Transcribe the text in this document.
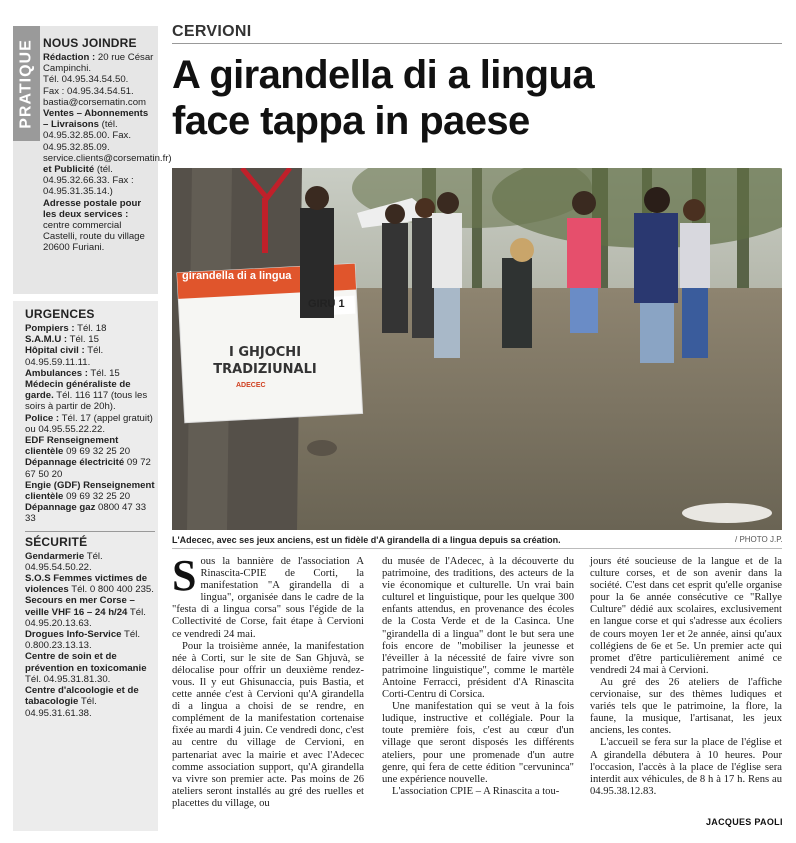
NOUS JOINDRE
Rédaction : 20 rue César Campinchi.
Tél. 04.95.34.54.50.
Fax : 04.95.34.54.51.
bastia@corsematin.com
Ventes – Abonnements – Livraisons (tél. 04.95.32.85.00. Fax. 04.95.32.85.09. service.clients@corsematin.fr)
et Publicité (tél. 04.95.32.66.33. Fax : 04.95.31.35.14.)
Adresse postale pour les deux services : centre commercial Castelli, route du village 20600 Furiani.
PRATIQUE
URGENCES
Pompiers : Tél. 18
S.A.M.U : Tél. 15
Hôpital civil : Tél. 04.95.59.11.11.
Ambulances : Tél. 15
Médecin généraliste de garde. Tél. 116 117 (tous les soirs à partir de 20h).
Police : Tél. 17 (appel gratuit) ou 04.95.55.22.22.
EDF Renseignement clientèle 09 69 32 25 20
Dépannage électricité 09 72 67 50 20
Engie (GDF) Renseignement clientèle 09 69 32 25 20
Dépannage gaz 0800 47 33 33
SÉCURITÉ
Gendarmerie Tél. 04.95.54.50.22.
S.O.S Femmes victimes de violences Tél. 0 800 400 235.
Secours en mer Corse – veille VHF 16 – 24 h/24 Tél. 04.95.20.13.63.
Drogues Info-Service Tél. 0.800.23.13.13.
Centre de soin et de prévention en toxicomanie Tél. 04.95.31.81.30.
Centre d'alcoologie et de tabacologie Tél. 04.95.31.61.38.
CERVIONI
A girandella di a lingua
face tappa in paese
girandella di a lingua
GIRU 1
I GHJOCHI
TRADIZIUNALI
ADECEC
L'Adecec, avec ses jeux anciens, est un fidèle d'A girandella di a lingua depuis sa création.	/ PHOTO J.P.
S ous la bannière de l'association A Rinascita-CPIE de Corti, la manifestation "A girandella di a lingua", organisée dans le cadre de la "festa di a lingua corsa" sous l'égide de la Collectivité de Corse, fait étape à Cervioni ce vendredi 24 mai.

Pour la troisième année, la manifestation née à Corti, sur le site de San Ghjuvà, se délocalise pour offrir un deuxième rendez-vous. Il y eut Ghisunaccia, puis Bastia, et cette année c'est à Cervioni qu'A girandella di a lingua a choisi de se rendre, en complément de la manifestation cortenaise fixée au mardi 4 juin. Ce vendredi donc, c'est au centre du village de Cervioni, en partenariat avec la mairie et avec l'Adecec comme association support, qu'A girandella va vivre son premier acte. Pas moins de 26 ateliers seront installés au gré des ruelles et placettes du village, ou

du musée de l'Adecec, à la découverte du patrimoine, des traditions, des acteurs de la vie économique et culturelle. Un vrai bain culturel et linguistique, pour les quelque 300 enfants attendus, en provenance des écoles de la Costa Verde et de la Casinca. Une "girandella di a lingua" dont le but sera une fois encore de "mobiliser la jeunesse et l'éveiller à la nécessité de faire vivre son patrimoine linguistique", comme le martèle Antoine Ferracci, président d'A Rinascita Corti-Centru di Corsica.

Une manifestation qui se veut à la fois ludique, instructive et collégiale. Pour la toute première fois, c'est au cœur d'un village que seront disposés les différents ateliers, pour une promenade d'un autre genre, qui fera de cette édition "cervuninca" une expérience nouvelle.

L'association CPIE – A Rinascita a tou-

jours été soucieuse de la langue et de la culture corses, et de son avenir dans la société. C'est dans cet esprit qu'elle organise pour la 6e année consécutive ce "Rallye Culture" dédié aux scolaires, exclusivement en langue corse et qui s'adresse aux écoliers de cours moyen 1er et 2e année, ainsi qu'aux collégiens de 6e et 5e. Un premier acte qui promet d'être particulièrement animé ce vendredi 24 mai à Cervioni.

Au gré des 26 ateliers de l'affiche cervionaise, sur des thèmes ludiques et variés tels que le patrimoine, la flore, la faune, la musique, l'artisanat, les jeux anciens, les contes.

L'accueil se fera sur la place de l'église et A girandella débutera à 10 heures. Pour l'occasion, l'accès à la place de l'église sera interdit aux véhicules, de 8 h à 17 h. Rens au 04.95.38.12.83.

JACQUES PAOLI
